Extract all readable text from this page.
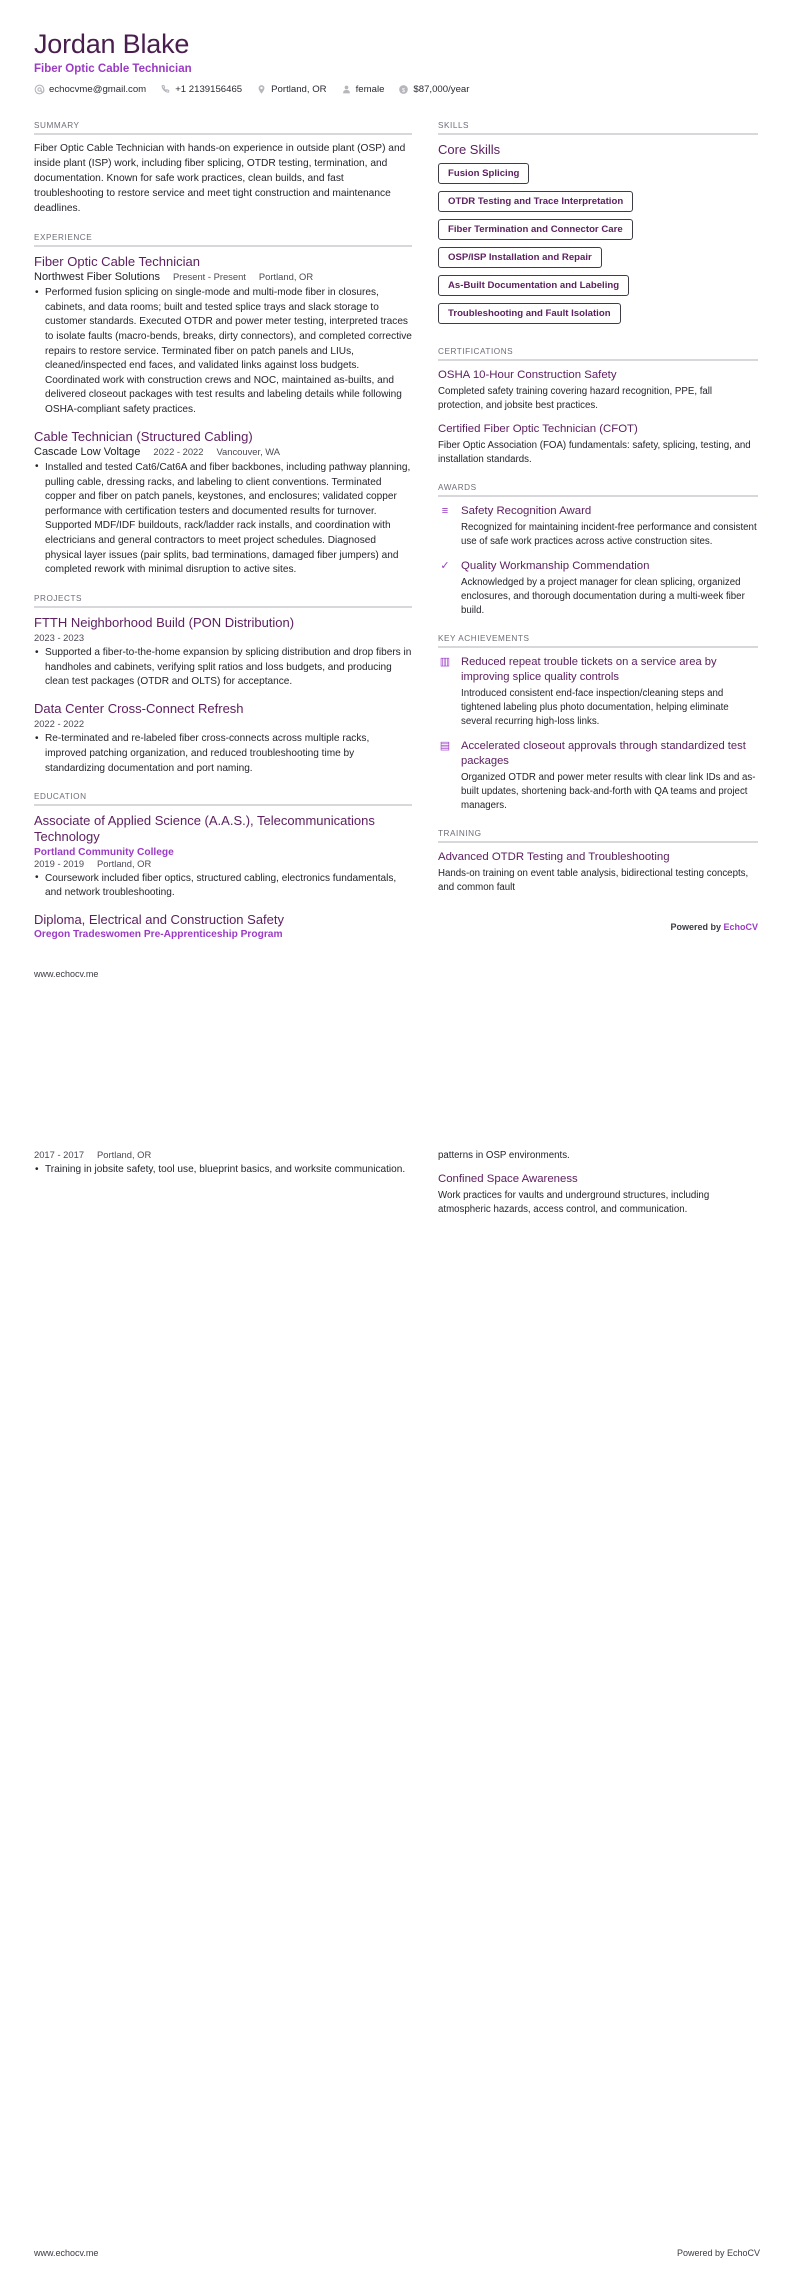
Jordan Blake
Fiber Optic Cable Technician
echocvme@gmail.com	+1 2139156465	Portland, OR	female $ $87,000/year
SUMMARY
Fiber Optic Cable Technician with hands-on experience in outside plant (OSP) and inside plant (ISP) work, including fiber splicing, OTDR testing, termination, and documentation. Known for safe work practices, clean builds, and fast troubleshooting to restore service and meet tight construction and maintenance deadlines.
EXPERIENCE
Fiber Optic Cable Technician
Northwest Fiber Solutions Present - Present Portland, OR
• Performed fusion splicing on single-mode and multi-mode fiber in closures, cabinets, and data rooms; built and tested splice trays and slack storage to customer standards. Executed OTDR and power meter testing, interpreted traces to isolate faults (macro-bends, breaks, dirty connectors), and completed corrective repairs to restore service. Terminated fiber on patch panels and LIUs, cleaned/inspected end faces, and validated links against loss budgets. Coordinated work with construction crews and NOC, maintained as-builts, and delivered closeout packages with test results and labeling details while following OSHA-compliant safety practices.
Cable Technician (Structured Cabling)
Cascade Low Voltage 2022 - 2022 Vancouver, WA
• Installed and tested Cat6/Cat6A and fiber backbones, including pathway planning, pulling cable, dressing racks, and labeling to client conventions. Terminated copper and fiber on patch panels, keystones, and enclosures; validated copper performance with certification testers and documented results for turnover. Supported MDF/IDF buildouts, rack/ladder rack installs, and coordination with electricians and general contractors to meet project schedules. Diagnosed physical layer issues (pair splits, bad terminations, damaged fiber jumpers) and completed rework with minimal disruption to active sites.
PROJECTS
FTTH Neighborhood Build (PON Distribution)
2023 - 2023
• Supported a fiber-to-the-home expansion by splicing distribution and drop fibers in handholes and cabinets, verifying split ratios and loss budgets, and producing clean test packages (OTDR and OLTS) for acceptance.
Data Center Cross-Connect Refresh
2022 - 2022
• Re-terminated and re-labeled fiber cross-connects across multiple racks, improved patching organization, and reduced troubleshooting time by standardizing documentation and port naming.
EDUCATION
Associate of Applied Science (A.A.S.), Telecommunications Technology
Portland Community College
2019 - 2019 Portland, OR
• Coursework included fiber optics, structured cabling, electronics fundamentals, and network troubleshooting.
Diploma, Electrical and Construction Safety
Oregon Tradeswomen Pre-Apprenticeship Program
www.echocv.me
SKILLS
Core Skills
Fusion Splicing
OTDR Testing and Trace Interpretation
Fiber Termination and Connector Care
OSP/ISP Installation and Repair
As-Built Documentation and Labeling
Troubleshooting and Fault Isolation
CERTIFICATIONS
OSHA 10-Hour Construction Safety
Completed safety training covering hazard recognition, PPE, fall protection, and jobsite best practices.
Certified Fiber Optic Technician (CFOT)
Fiber Optic Association (FOA) fundamentals: safety, splicing, testing, and installation standards.
AWARDS
≡	Safety Recognition Award
Recognized for maintaining incident-free performance and consistent use of safe work practices across active construction sites.
✓ Quality Workmanship Commendation
Acknowledged by a project manager for clean splicing, organized enclosures, and thorough documentation during a multi-week fiber build.
KEY ACHIEVEMENTS
▥ Reduced repeat trouble tickets on a service area by improving splice quality controls
Introduced consistent end-face inspection/cleaning steps and tightened labeling plus photo documentation, helping eliminate several recurring high-loss links.
▤ Accelerated closeout approvals through standardized test packages
Organized OTDR and power meter results with clear link IDs and as-built updates, shortening back-and-forth with QA teams and project managers.
TRAINING
Advanced OTDR Testing and Troubleshooting
Hands-on training on event table analysis, bidirectional testing concepts, and common fault
Powered by EchoCV
2017 - 2017 Portland, OR
• Training in jobsite safety, tool use, blueprint basics, and worksite communication.
patterns in OSP environments.
Confined Space Awareness
Work practices for vaults and underground structures, including atmospheric hazards, access control, and communication.
www.echocv.me	Powered by EchoCV
